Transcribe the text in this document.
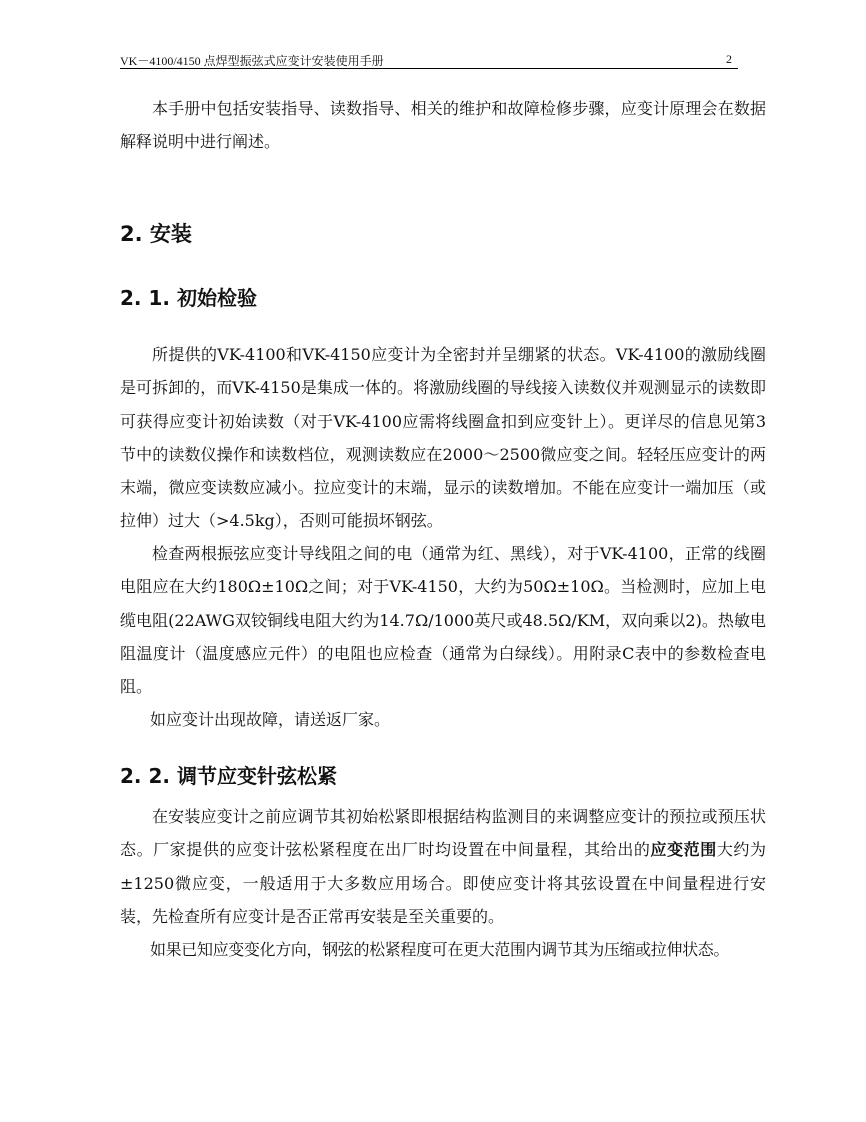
VK－4100/4150 点焊型振弦式应变计安装使用手册	2

本手册中包括安装指导、读数指导、相关的维护和故障检修步骤，应变计原理会在数据解释说明中进行阐述。

2. 安装
2. 1. 初始检验

所提供的VK-4100和VK-4150应变计为全密封并呈绷紧的状态。VK-4100的激励线圈是可拆卸的，而VK-4150是集成一体的。将激励线圈的导线接入读数仪并观测显示的读数即可获得应变计初始读数（对于VK-4100应需将线圈盒扣到应变针上）。更详尽的信息见第3节中的读数仪操作和读数档位，观测读数应在2000～2500微应变之间。轻轻压应变计的两末端，微应变读数应减小。拉应变计的末端，显示的读数增加。不能在应变计一端加压（或拉伸）过大（>4.5kg），否则可能损坏钢弦。

检查两根振弦应变计导线阻之间的电（通常为红、黑线），对于VK-4100，正常的线圈电阻应在大约180Ω±10Ω之间；对于VK-4150，大约为50Ω±10Ω。当检测时，应加上电缆电阻(22AWG双铰铜线电阻大约为14.7Ω/1000英尺或48.5Ω/KM，双向乘以2)。热敏电阻温度计（温度感应元件）的电阻也应检查（通常为白绿线）。用附录C表中的参数检查电阻。

如应变计出现故障，请送返厂家。

2. 2. 调节应变针弦松紧

在安装应变计之前应调节其初始松紧即根据结构监测目的来调整应变计的预拉或预压状态。厂家提供的应变计弦松紧程度在出厂时均设置在中间量程，其给出的应变范围大约为±1250微应变，一般适用于大多数应用场合。即使应变计将其弦设置在中间量程进行安装，先检查所有应变计是否正常再安装是至关重要的。

如果已知应变变化方向，钢弦的松紧程度可在更大范围内调节其为压缩或拉伸状态。
